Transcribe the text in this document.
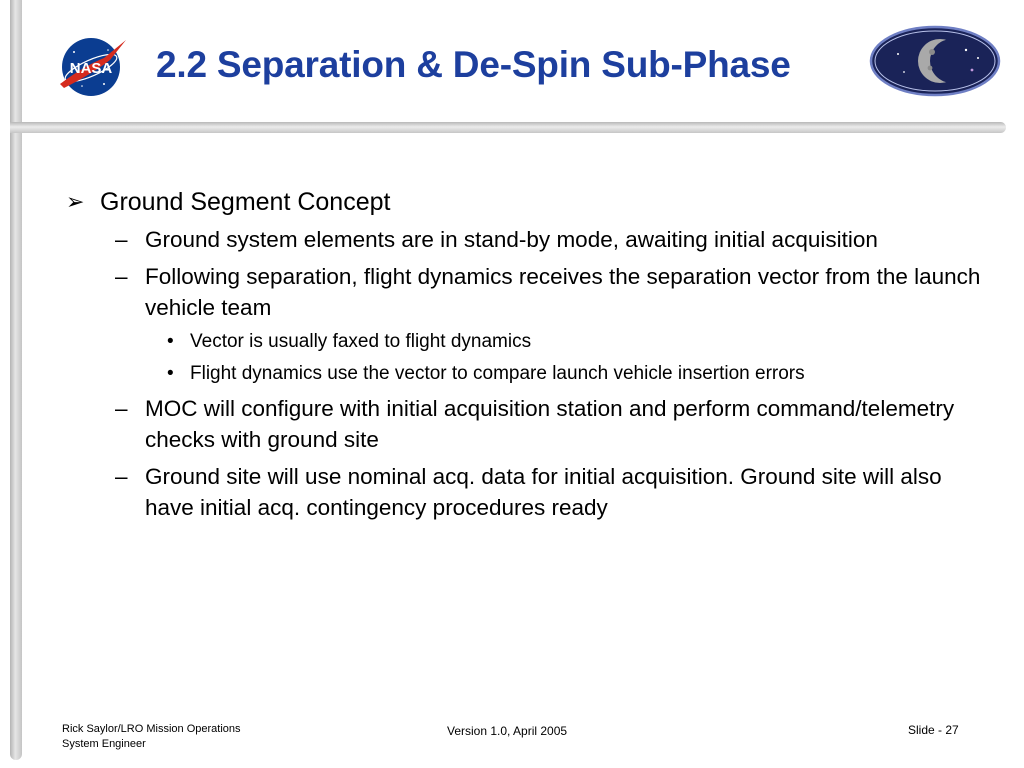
NASA 2.2 Separation & De-Spin Sub-Phase
➢ Ground Segment Concept
– Ground system elements are in stand-by mode, awaiting initial acquisition
– Following separation, flight dynamics receives the separation vector from the launch vehicle team
• Vector is usually faxed to flight dynamics
• Flight dynamics use the vector to compare launch vehicle insertion errors
– MOC will configure with initial acquisition station and perform command/telemetry checks with ground site
– Ground site will use nominal acq. data for initial acquisition. Ground site will also have initial acq. contingency procedures ready
Rick Saylor/LRO Mission Operations
System Engineer
Version 1.0, April 2005	Slide - 27
